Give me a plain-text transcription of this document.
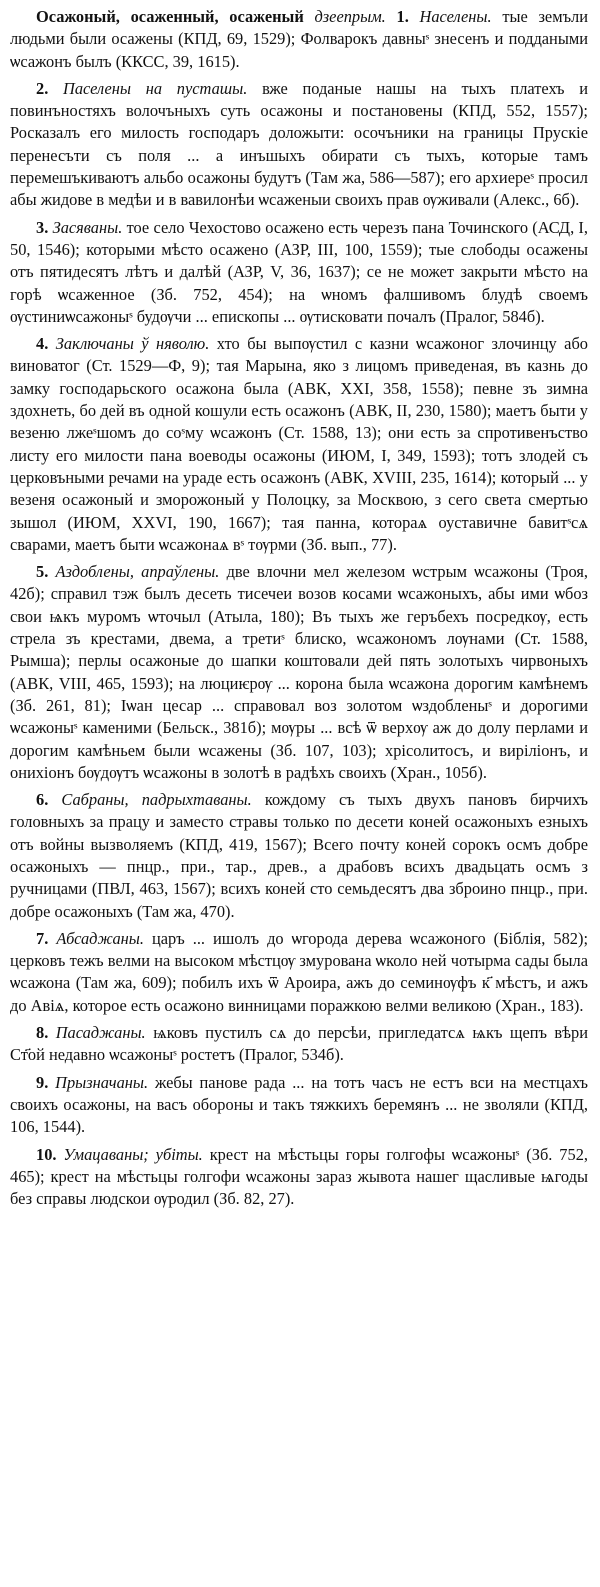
Осажоный, осаженный, осаженый дзеепрым. 1. Населены. тые земъли людьми были осажены (КПД, 69, 1529); Фолварокъ давныˢ знесенъ и поддаными ѡсажонъ былъ (ККСС, 39, 1615).

2. Паселены на пусташы. вже поданые нашы на тыхъ платехъ и повинъностяхъ волочъныхъ суть осажоны и постановены (КПД, 552, 1557); Росказалъ его милость господаръ доложыти: осочъники на границы Прускіе перенесъти съ поля ... а инъшыхъ обирати съ тыхъ, которые тамъ перемешъкиваютъ альбо осажоны будутъ (Там жа, 586—587); его архиереˢ просил абы жидове в медѣи и в вавилонѣи ѡсаженыи своихъ прав ѹживали (Алекс., 6б).

3. Засяваны. тое село Чехостово осажено есть черезъ пана Точинского (АСД, I, 50, 1546); которыми мѣсто осажено (АЗР, III, 100, 1559); тые слободы осажены отъ пятидесятъ лѣтъ и далѣй (АЗР, V, 36, 1637); се не может закрыти мѣсто на горѣ ѡсаженное (Зб. 752, 454); на ѡномъ фалшивомъ блудѣ своемъ ѹстиниѡсажоныˢ будѹчи ... епископы ... ѹтисковати почалъ (Пралог, 584б).

4. Заключаны ў няволю. хто бы выпѹстил с казни ѡсажоног злочинцу або виноватог (Ст. 1529—Ф, 9); тая Марына, яко з лицомъ приведеная, въ казнь до замку господарьского осажона была (АВК, XXI, 358, 1558); певне зъ зимна здохнеть, бо дей въ одной кошули есть осажонъ (АВК, II, 230, 1580); маетъ быти у везеню лжеˢшомъ до соˢму ѡсажонъ (Ст. 1588, 13); они есть за спротивенъство листу его милости пана воеводы осажоны (ИЮМ, I, 349, 1593); тотъ злодей съ церковъными речами на ураде есть осажонъ (АВК, XVIII, 235, 1614); который ... у везеня осажоный и зморожоный у Полоцку, за Москвою, з сего света смертью зышол (ИЮМ, XXVI, 190, 1667); тая панна, котораѧ оуставичне бавитˢсѧ сварами, маетъ быти ѡсажонаѧ вˢ тѹрми (Зб. вып., 77).

5. Аздоблены, апраўлены. две влочни мел железом ѡстрым ѡсажоны (Троя, 42б); справил тэж былъ десеть тисечеи возов косами ѡсажоныхъ, абы ими ѡбоз свои ѩкъ муромъ ѡточыл (Атыла, 180); Въ тыхъ же геръбехъ посредкѹ, есть стрела зъ крестами, двема, а третиˢ блиско, ѡсажономъ лѹнами (Ст. 1588, Рымша); перлы осажоные до шапки коштовали дей пять золотыхъ чирвоныхъ (АВК, VIII, 465, 1593); на люциѥрѹ ... корона была ѡсажона дорогим камѣнемъ (Зб. 261, 81); Іѡан цесар ... справовал воз золотом ѡздобленыˢ и дорогими ѡсажоныˢ каменими (Бельск., 381б); мѹры ... всѣ ѿ верхѹ аж до долу перлами и дорогим камѣньем были ѡсажены (Зб. 107, 103); хрісолитосъ, и виріліонъ, и ониxіонъ бѹдѹтъ ѡсажоны в золотѣ в радѣхъ своихъ (Хран., 105б).

6. Сабраны, падрыхтаваны. кождому съ тыхъ двухъ пановъ бирчихъ головныхъ за працу и заместо стравы только по десети коней осажоныхъ езныхъ отъ войны вызволяемъ (КПД, 419, 1567); Всего почту коней сорокъ осмъ добре осажоныхъ — пнцр., при., тар., древ., а драбовъ всихъ двадьцать осмъ з ручницами (ПВЛ, 463, 1567); всихъ коней сто семьдесятъ два зброино пнцр., при. добре осажоныхъ (Там жа, 470).

7. Абсаджаны. царъ ... ишолъ до ѡгорода дерева ѡсажоного (Біблія, 582); церковъ тежъ велми на высоком мѣстцѹ змурована ѡколо ней чотырма сады была ѡсажона (Там жа, 609); побилъ ихъ ѿ Ароира, ажъ до семинѹфъ к҃ мѣстъ, и ажъ до Авіѧ, которое есть осажоно винницами поражкою велми великою (Хран., 183).

8. Пасаджаны. ѩковъ пустилъ сѧ до персѣи, пригледатсѧ ѩкъ щепъ вѣри Ст҃ой недавно ѡсажоныˢ ростетъ (Пралог, 534б).

9. Прызначаны. жебы панове рада ... на тотъ часъ не естъ вси на местцахъ своихъ осажоны, на васъ обороны и такъ тяжкихъ беремянъ ... не зволяли (КПД, 106, 1544).

10. Умацаваны; убіты. крест на мѣстьцы горы голгофы ѡсажоныˢ (Зб. 752, 465); крест на мѣстьцы голгофи ѡсажоны зараз жывота нашег щасливые ѩгоды без справы людскои ѹродил (Зб. 82, 27).
